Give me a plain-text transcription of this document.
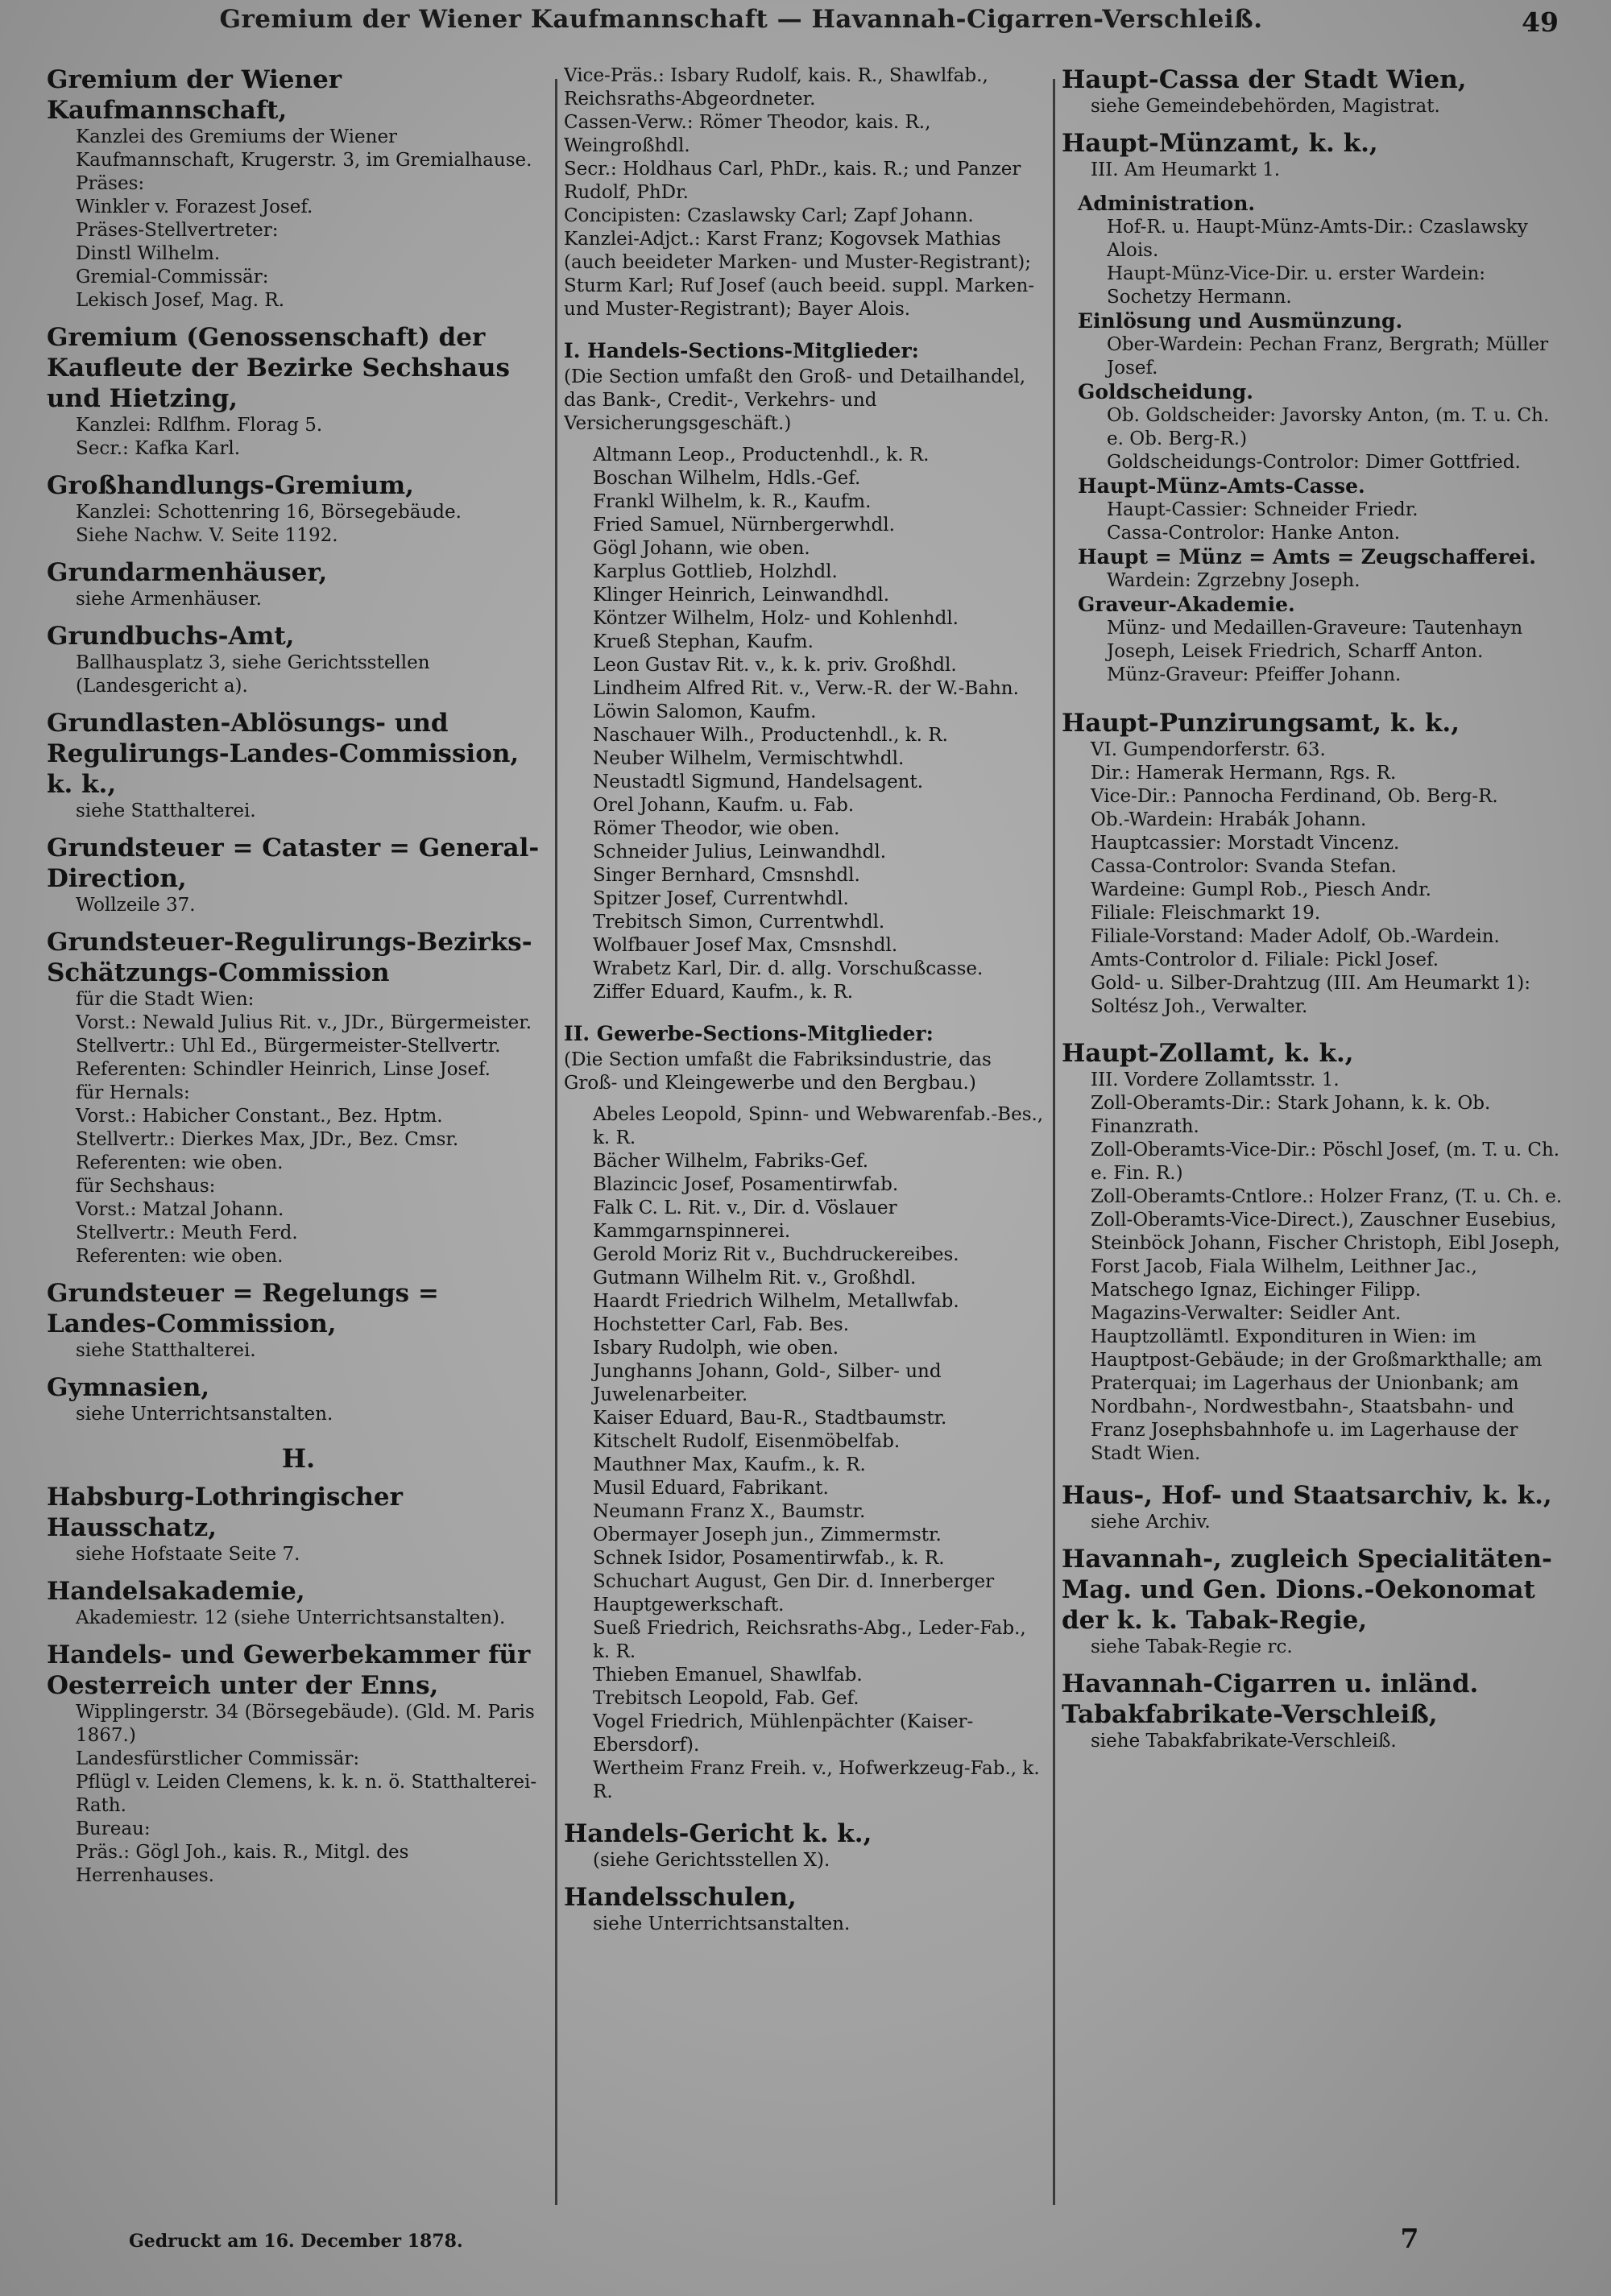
Gremium der Wiener Kaufmannschaft — Havannah-Cigarren-Verschleiß.	49
Gremium der Wiener Kaufmannschaft,
Kanzlei des Gremiums der Wiener Kaufmannschaft, Krugerstr. 3, im Gremialhause.
Präses:
Winkler v. Forazest Josef.
Präses-Stellvertreter:
Dinstl Wilhelm.
Gremial-Commissär:
Lekisch Josef, Mag. R.
Gremium (Genossenschaft) der Kaufleute der Bezirke Sechshaus und Hietzing,
Kanzlei: Rdlfhm. Florag 5.
Secr.: Kafka Karl.
Großhandlungs-Gremium,
Kanzlei: Schottenring 16, Börsegebäude.
Siehe Nachw. V. Seite 1192.
Grundarmenhäuser,
siehe Armenhäuser.
Grundbuchs-Amt,
Ballhausplatz 3, siehe Gerichtsstellen (Landesgericht a).
Grundlasten-Ablösungs- und Regulirungs-Landes-Commission, k. k.,
siehe Statthalterei.
Grundsteuer = Cataster = General-Direction,
Wollzeile 37.
Grundsteuer-Regulirungs-Bezirks-Schätzungs-Commission
für die Stadt Wien:
Vorst.: Newald Julius Rit. v., JDr., Bürgermeister.
Stellvertr.: Uhl Ed., Bürgermeister-Stellvertr.
Referenten: Schindler Heinrich, Linse Josef.
für Hernals:
Vorst.: Habicher Constant., Bez. Hptm.
Stellvertr.: Dierkes Max, JDr., Bez. Cmsr.
Referenten: wie oben.
für Sechshaus:
Vorst.: Matzal Johann.
Stellvertr.: Meuth Ferd.
Referenten: wie oben.
Grundsteuer = Regelungs = Landes-Commission,
siehe Statthalterei.
Gymnasien,
siehe Unterrichtsanstalten.
H.
Habsburg-Lothringischer Hausschatz,
siehe Hofstaate Seite 7.
Handelsakademie,
Akademiestr. 12 (siehe Unterrichtsanstalten).
Handels- und Gewerbekammer für Oesterreich unter der Enns,
Wipplingerstr. 34 (Börsegebäude). (Gld. M. Paris 1867.)
Landesfürstlicher Commissär:
Pflügl v. Leiden Clemens, k. k. n. ö. Statthalterei-Rath.
Bureau:
Präs.: Gögl Joh., kais. R., Mitgl. des Herrenhauses.
Vice-Präs.: Isbary Rudolf, kais. R., Shawlfab., Reichsraths-Abgeordneter.
Cassen-Verw.: Römer Theodor, kais. R., Weingroßhdl.
Secr.: Holdhaus Carl, PhDr., kais. R.; und Panzer Rudolf, PhDr.
Concipisten: Czaslawsky Carl; Zapf Johann.
Kanzlei-Adjct.: Karst Franz; Kogovsek Mathias (auch beeideter Marken- und Muster-Registrant); Sturm Karl; Ruf Josef (auch beeid. suppl. Marken- und Muster-Registrant); Bayer Alois.
I. Handels-Sections-Mitglieder:
(Die Section umfaßt den Groß- und Detailhandel, das Bank-, Credit-, Verkehrs- und Versicherungsgeschäft.)
Altmann Leop., Productenhdl., k. R.
Boschan Wilhelm, Hdls.-Gef.
Frankl Wilhelm, k. R., Kaufm.
Fried Samuel, Nürnbergerwhdl.
Gögl Johann, wie oben.
Karplus Gottlieb, Holzhdl.
Klinger Heinrich, Leinwandhdl.
Köntzer Wilhelm, Holz- und Kohlenhdl.
Krueß Stephan, Kaufm.
Leon Gustav Rit. v., k. k. priv. Großhdl.
Lindheim Alfred Rit. v., Verw.-R. der W.-Bahn.
Löwin Salomon, Kaufm.
Naschauer Wilh., Productenhdl., k. R.
Neuber Wilhelm, Vermischtwhdl.
Neustadtl Sigmund, Handelsagent.
Orel Johann, Kaufm. u. Fab.
Römer Theodor, wie oben.
Schneider Julius, Leinwandhdl.
Singer Bernhard, Cmsnshdl.
Spitzer Josef, Currentwhdl.
Trebitsch Simon, Currentwhdl.
Wolfbauer Josef Max, Cmsnshdl.
Wrabetz Karl, Dir. d. allg. Vorschußcasse.
Ziffer Eduard, Kaufm., k. R.
II. Gewerbe-Sections-Mitglieder:
(Die Section umfaßt die Fabriksindustrie, das Groß- und Kleingewerbe und den Bergbau.)
Abeles Leopold, Spinn- und Webwarenfab.-Bes., k. R.
Bächer Wilhelm, Fabriks-Gef.
Blazincic Josef, Posamentirwfab.
Falk C. L. Rit. v., Dir. d. Vöslauer Kammgarnspinnerei.
Gerold Moriz Rit v., Buchdruckereibes.
Gutmann Wilhelm Rit. v., Großhdl.
Haardt Friedrich Wilhelm, Metallwfab.
Hochstetter Carl, Fab. Bes.
Isbary Rudolph, wie oben.
Junghanns Johann, Gold-, Silber- und Juwelenarbeiter.
Kaiser Eduard, Bau-R., Stadtbaumstr.
Kitschelt Rudolf, Eisenmöbelfab.
Mauthner Max, Kaufm., k. R.
Musil Eduard, Fabrikant.
Neumann Franz X., Baumstr.
Obermayer Joseph jun., Zimmermstr.
Schnek Isidor, Posamentirwfab., k. R.
Schuchart August, Gen Dir. d. Innerberger Hauptgewerkschaft.
Sueß Friedrich, Reichsraths-Abg., Leder-Fab., k. R.
Thieben Emanuel, Shawlfab.
Trebitsch Leopold, Fab. Gef.
Vogel Friedrich, Mühlenpächter (Kaiser-Ebersdorf).
Wertheim Franz Freih. v., Hofwerkzeug-Fab., k. R.
Handels-Gericht k. k.,
(siehe Gerichtsstellen X).
Handelsschulen,
siehe Unterrichtsanstalten.
Haupt-Cassa der Stadt Wien,
siehe Gemeindebehörden, Magistrat.
Haupt-Münzamt, k. k.,
III. Am Heumarkt 1.
Administration.
Hof-R. u. Haupt-Münz-Amts-Dir.: Czaslawsky Alois.
Haupt-Münz-Vice-Dir. u. erster Wardein: Sochetzy Hermann.
Einlösung und Ausmünzung.
Ober-Wardein: Pechan Franz, Bergrath; Müller Josef.
Goldscheidung.
Ob. Goldscheider: Javorsky Anton, (m. T. u. Ch. e. Ob. Berg-R.)
Goldscheidungs-Controlor: Dimer Gottfried.
Haupt-Münz-Amts-Casse.
Haupt-Cassier: Schneider Friedr.
Cassa-Controlor: Hanke Anton.
Haupt = Münz = Amts = Zeugschafferei.
Wardein: Zgrzebny Joseph.
Graveur-Akademie.
Münz- und Medaillen-Graveure: Tautenhayn Joseph, Leisek Friedrich, Scharff Anton.
Münz-Graveur: Pfeiffer Johann.
Haupt-Punzirungsamt, k. k.,
VI. Gumpendorferstr. 63.
Dir.: Hamerak Hermann, Rgs. R.
Vice-Dir.: Pannocha Ferdinand, Ob. Berg-R.
Ob.-Wardein: Hrabák Johann.
Hauptcassier: Morstadt Vincenz.
Cassa-Controlor: Svanda Stefan.
Wardeine: Gumpl Rob., Piesch Andr.
Filiale: Fleischmarkt 19.
Filiale-Vorstand: Mader Adolf, Ob.-Wardein.
Amts-Controlor d. Filiale: Pickl Josef.
Gold- u. Silber-Drahtzug (III. Am Heumarkt 1): Soltész Joh., Verwalter.
Haupt-Zollamt, k. k.,
III. Vordere Zollamtsstr. 1.
Zoll-Oberamts-Dir.: Stark Johann, k. k. Ob. Finanzrath.
Zoll-Oberamts-Vice-Dir.: Pöschl Josef, (m. T. u. Ch. e. Fin. R.)
Zoll-Oberamts-Cntlore.: Holzer Franz, (T. u. Ch. e. Zoll-Oberamts-Vice-Direct.), Zauschner Eusebius, Steinböck Johann, Fischer Christoph, Eibl Joseph, Forst Jacob, Fiala Wilhelm, Leithner Jac., Matschego Ignaz, Eichinger Filipp.
Magazins-Verwalter: Seidler Ant.
Hauptzollämtl. Expondituren in Wien: im Hauptpost-Gebäude; in der Großmarkthalle; am Praterquai; im Lagerhaus der Unionbank; am Nordbahn-, Nordwestbahn-, Staatsbahn- und Franz Josephsbahnhofe u. im Lagerhause der Stadt Wien.
Haus-, Hof- und Staatsarchiv, k. k.,
siehe Archiv.
Havannah-, zugleich Specialitäten-Mag. und Gen. Dions.-Oekonomat der k. k. Tabak-Regie,
siehe Tabak-Regie rc.
Havannah-Cigarren u. inländ. Tabakfabrikate-Verschleiß,
siehe Tabakfabrikate-Verschleiß.
Gedruckt am 16. December 1878.	7
